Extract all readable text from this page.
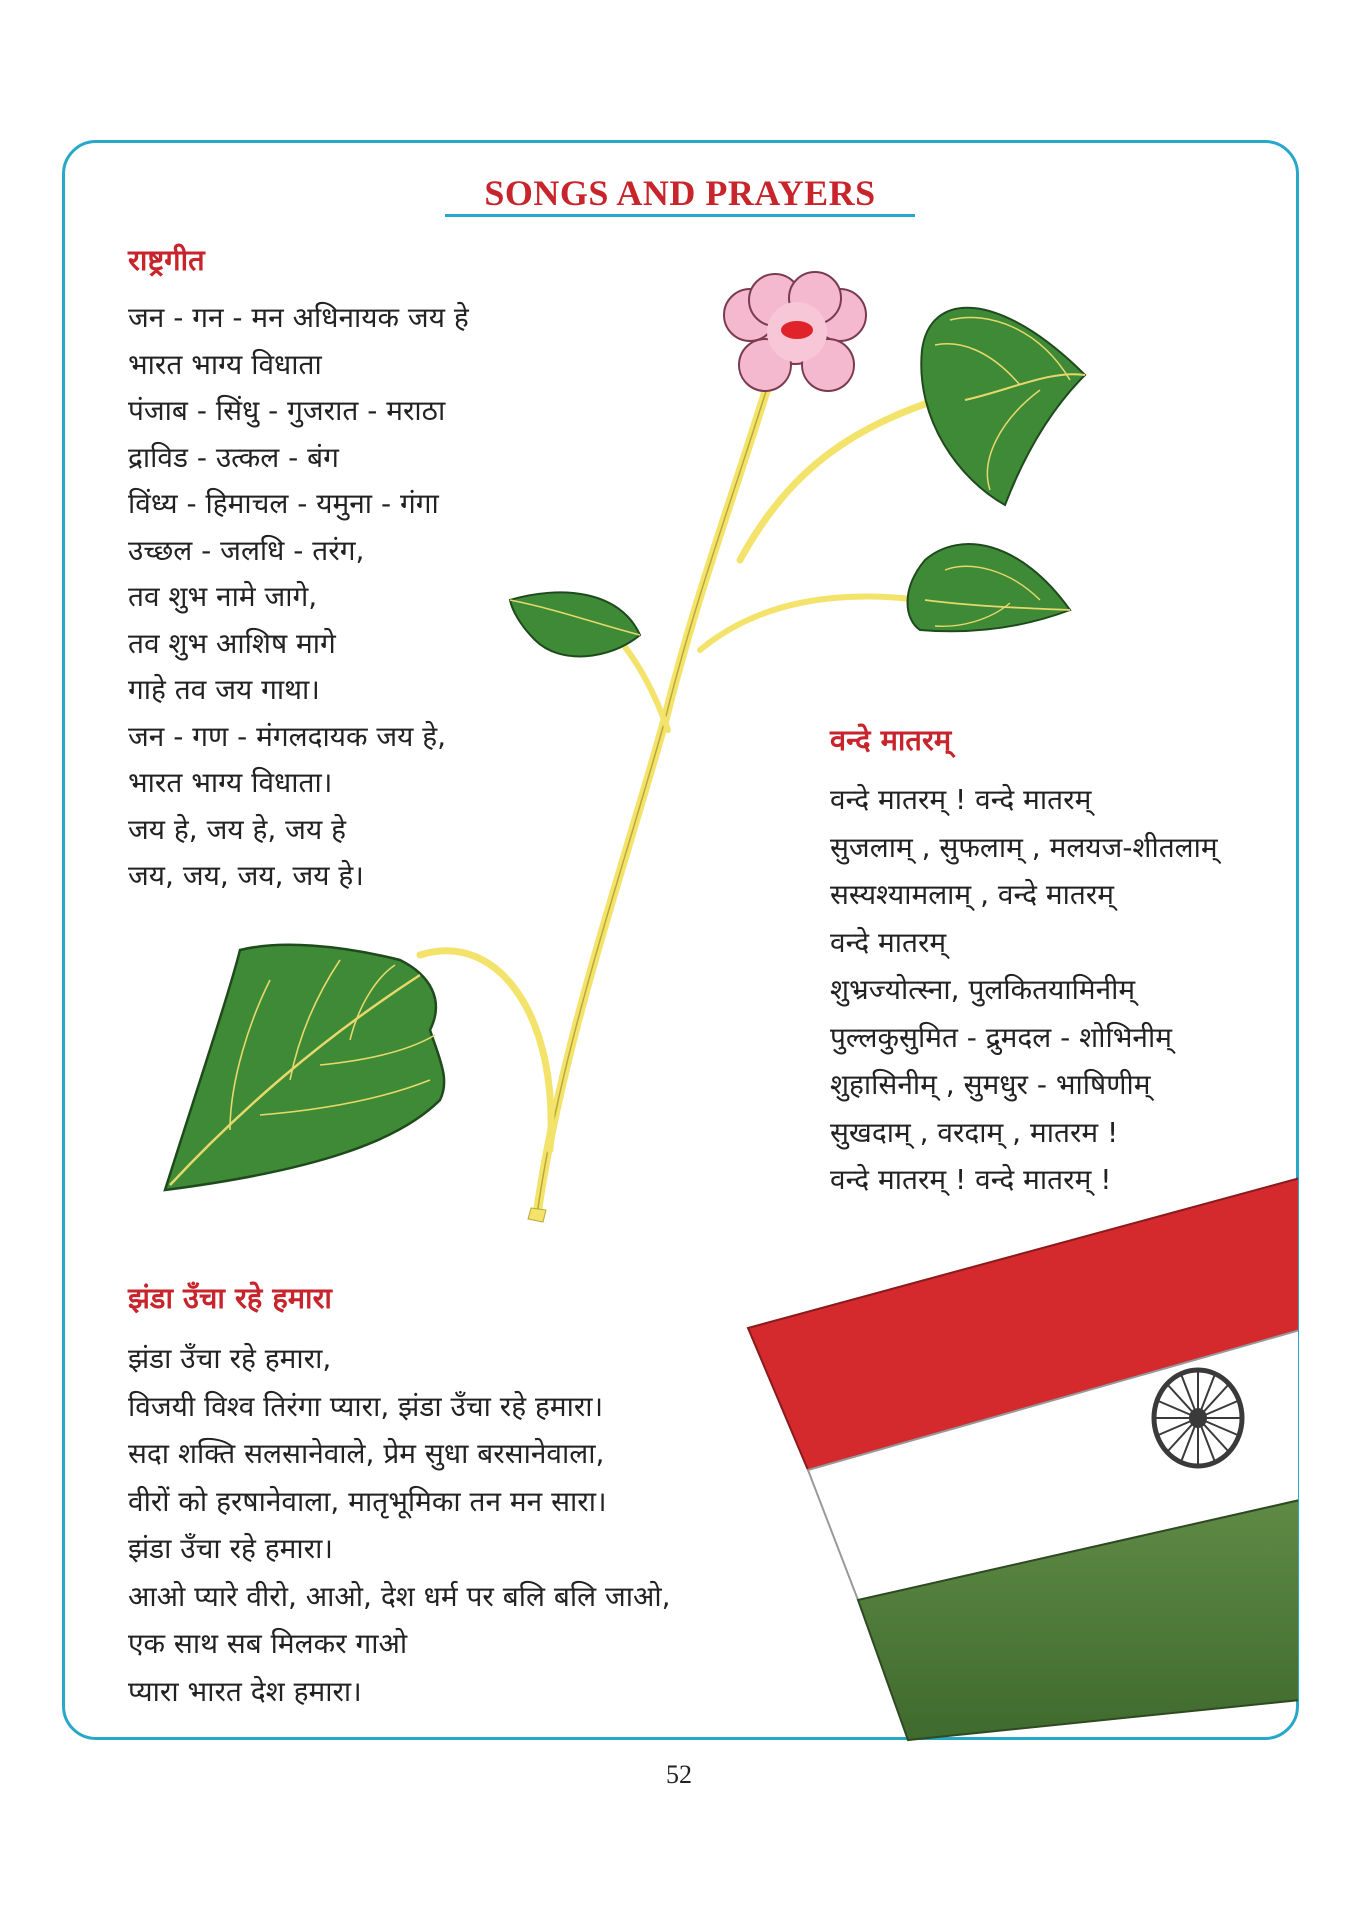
SONGS AND PRAYERS
राष्ट्रगीत
जन - गन - मन अधिनायक जय हे
भारत भाग्य विधाता
पंजाब - सिंधु - गुजरात - मराठा
द्राविड - उत्कल - बंग
विंध्य - हिमाचल - यमुना - गंगा
उच्छल - जलधि - तरंग,
तव शुभ नामे जागे,
तव शुभ आशिष मागे
गाहे तव जय गाथा।
जन - गण - मंगलदायक जय हे,
भारत भाग्य विधाता।
जय हे, जय हे, जय हे
जय, जय, जय, जय हे।
वन्दे मातरम्
वन्दे मातरम् ! वन्दे मातरम्
सुजलाम् , सुफलाम् , मलयज-शीतलाम्
सस्यश्यामलाम् , वन्दे मातरम्
वन्दे मातरम्
शुभ्रज्योत्स्ना, पुलकितयामिनीम्
पुल्लकुसुमित - द्रुमदल - शोभिनीम्
शुहासिनीम् , सुमधुर - भाषिणीम्
सुखदाम् , वरदाम् , मातरम !
वन्दे मातरम् ! वन्दे मातरम् !
झंडा उँचा रहे हमारा
झंडा उँचा रहे हमारा,
विजयी विश्व तिरंगा प्यारा, झंडा उँचा रहे हमारा।
सदा शक्ति सलसानेवाले, प्रेम सुधा बरसानेवाला,
वीरों को हरषानेवाला, मातृभूमिका तन मन सारा।
झंडा उँचा रहे हमारा।
आओ प्यारे वीरो, आओ, देश धर्म पर बलि बलि जाओ,
एक साथ सब मिलकर गाओ
प्यारा भारत देश हमारा।

52
